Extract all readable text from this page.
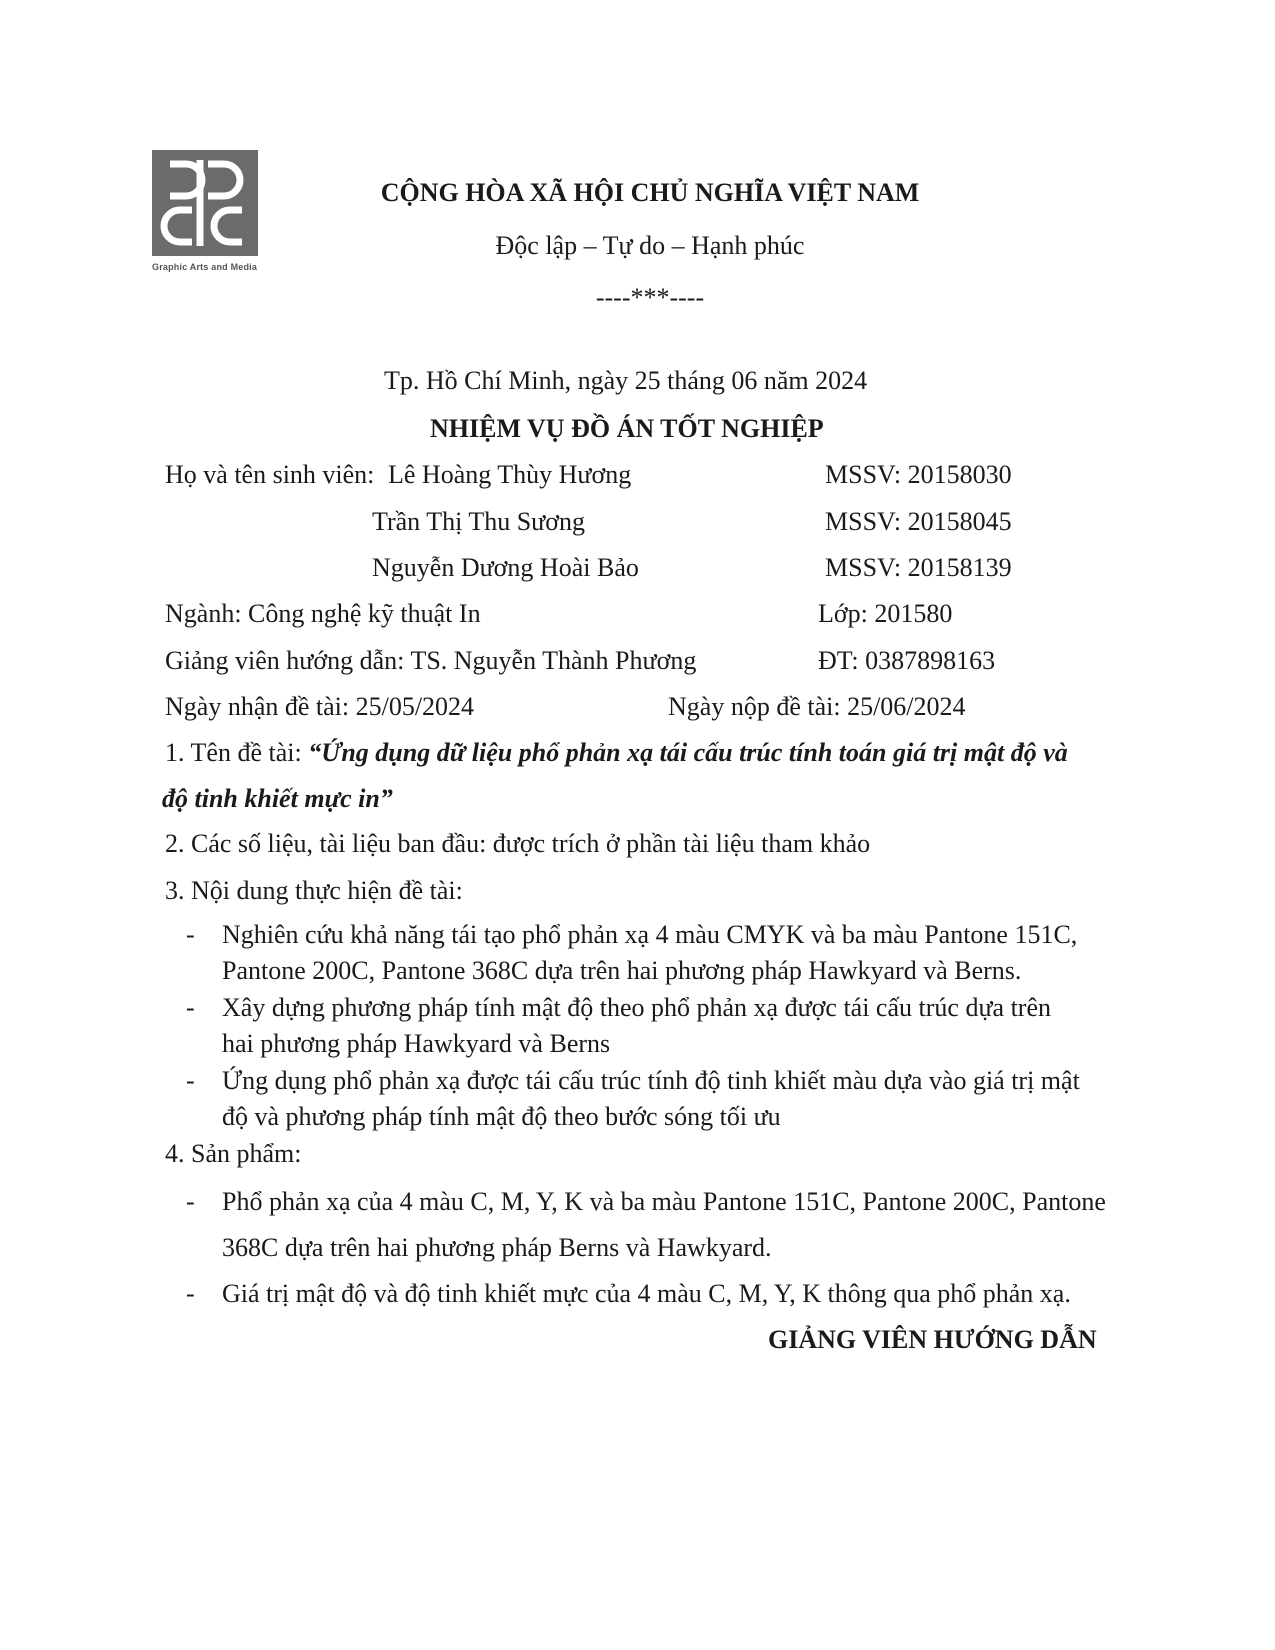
Graphic Arts and Media
CỘNG HÒA XÃ HỘI CHỦ NGHĨA VIỆT NAM
Độc lập – Tự do – Hạnh phúc
----***----
Tp. Hồ Chí Minh, ngày 25 tháng 06 năm 2024
NHIỆM VỤ ĐỒ ÁN TỐT NGHIỆP
Họ và tên sinh viên: Lê Hoàng Thùy Hương	MSSV: 20158030
Trần Thị Thu Sương	MSSV: 20158045
Nguyễn Dương Hoài Bảo	MSSV: 20158139
Ngành: Công nghệ kỹ thuật In	Lớp: 201580
Giảng viên hướng dẫn: TS. Nguyễn Thành Phương	ĐT: 0387898163
Ngày nhận đề tài: 25/05/2024	Ngày nộp đề tài: 25/06/2024
1. Tên đề tài: “Ứng dụng dữ liệu phổ phản xạ tái cấu trúc tính toán giá trị mật độ và
độ tinh khiết mực in”
2. Các số liệu, tài liệu ban đầu: được trích ở phần tài liệu tham khảo
3. Nội dung thực hiện đề tài:
- Nghiên cứu khả năng tái tạo phổ phản xạ 4 màu CMYK và ba màu Pantone 151C,
Pantone 200C, Pantone 368C dựa trên hai phương pháp Hawkyard và Berns.
- Xây dựng phương pháp tính mật độ theo phổ phản xạ được tái cấu trúc dựa trên
hai phương pháp Hawkyard và Berns
- Ứng dụng phổ phản xạ được tái cấu trúc tính độ tinh khiết màu dựa vào giá trị mật
độ và phương pháp tính mật độ theo bước sóng tối ưu
4. Sản phẩm:
- Phổ phản xạ của 4 màu C, M, Y, K và ba màu Pantone 151C, Pantone 200C, Pantone
368C dựa trên hai phương pháp Berns và Hawkyard.
- Giá trị mật độ và độ tinh khiết mực của 4 màu C, M, Y, K thông qua phổ phản xạ.
GIẢNG VIÊN HƯỚNG DẪN
